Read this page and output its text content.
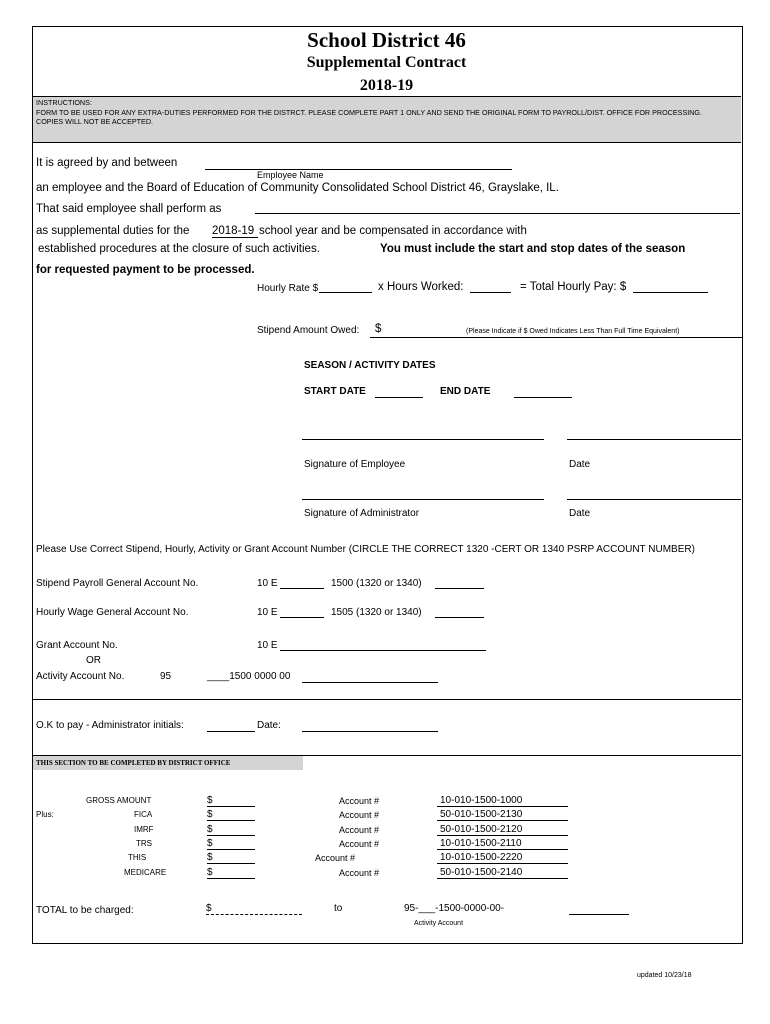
School District 46
Supplemental Contract
2018-19
INSTRUCTIONS:
FORM TO BE USED FOR ANY EXTRA-DUTIES PERFORMED FOR THE DISTRCT. PLEASE COMPLETE PART 1 ONLY AND SEND THE ORIGINAL FORM TO PAYROLL/DIST. OFFICE FOR PROCESSING.
COPIES WILL NOT BE ACCEPTED.
It is agreed by and between
Employee Name
an employee and the Board of Education of Community Consolidated School District 46, Grayslake, IL.
That said employee shall perform as
as supplemental duties for the 2018-19 school year and be compensated in accordance with
established procedures at the closure of such activities.	You must include the start and stop dates of the season
for requested payment to be processed.
Hourly Rate $	x Hours Worked:	= Total Hourly Pay: $
Stipend Amount Owed: $	(Please Indicate if $ Owed Indicates Less Than Full Time Equivalent)
SEASON / ACTIVITY DATES
START DATE	END DATE
Signature of Employee	Date
Signature of Administrator	Date
Please Use Correct Stipend, Hourly, Activity or Grant Account Number (CIRCLE THE CORRECT 1320 -CERT OR 1340 PSRP ACCOUNT NUMBER)
Stipend Payroll General Account No.	10 E	1500 (1320 or 1340)
Hourly Wage General Account No.	10 E	1505 (1320 or 1340)
Grant Account No.	10 E
OR
Activity Account No.	95	____1500 0000 00
O.K to pay - Administrator initials:	Date:
THIS SECTION TO BE COMPLETED BY DISTRICT OFFICE
Plus:
GROSS AMOUNT	$	Account #	10-010-1500-1000
FICA	$	Account #	50-010-1500-2130
IMRF	$	Account #	50-010-1500-2120
TRS	$	Account #	10-010-1500-2110
THIS	$	Account #	10-010-1500-2220
MEDICARE	$	Account #	50-010-1500-2140
TOTAL to be charged:	$	to	95-___-1500-0000-00-
Activity Account
updated 10/23/18
